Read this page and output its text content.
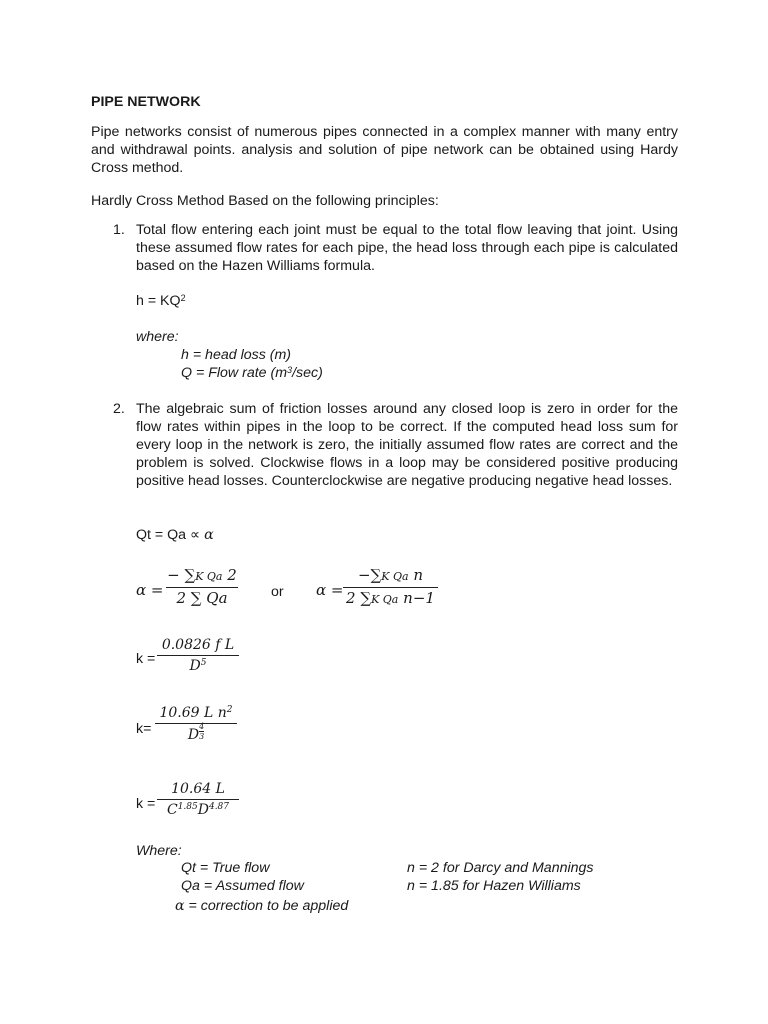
PIPE NETWORK
Pipe networks consist of numerous pipes connected in a complex manner with many entry and withdrawal points. analysis and solution of pipe network can be obtained using Hardy Cross method.
Hardly Cross Method Based on the following principles:
1. Total flow entering each joint must be equal to the total flow leaving that joint. Using these assumed flow rates for each pipe, the head loss through each pipe is calculated based on the Hazen Williams formula.
$h = KQ^2$
where:
h = head loss (m)
Q = Flow rate $(m^3/\sec)$
2. The algebraic sum of friction losses around any closed loop is zero in order for the flow rates within pipes in the loop to be correct. If the computed head loss sum for every loop in the network is zero, the initially assumed flow rates are correct and the problem is solved. Clockwise flows in a loop may be considered positive producing positive head losses. Counterclockwise are negative producing negative head losses.
Qt = Qa ∝ α
α =
− ∑K Qa 2
2 ∑ Qa	or α =
−∑K Qa n
2 ∑K Qa n−1
k =
0.0826 f L
$D^5$
k=
10.69 L $n^2$
D $\frac{4}{3}$
k =
10.64 L
$C^{1.85}D^{4.87}$
Where:
Qt = True flow
Qa = Assumed flow
α = correction to be applied
n = 2 for Darcy and Mannings
n = 1.85 for Hazen Williams
